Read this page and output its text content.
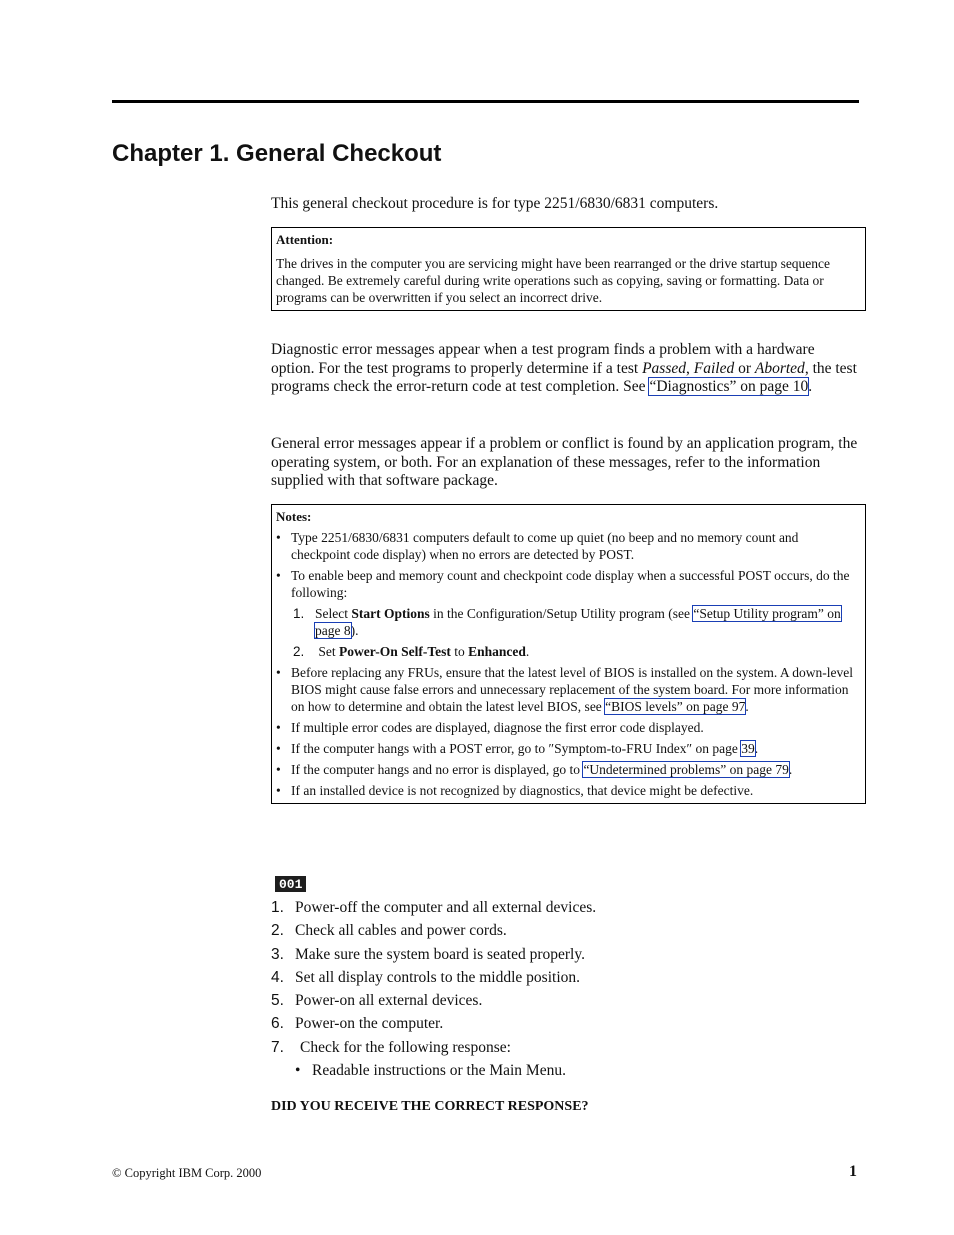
Chapter 1. General Checkout

This general checkout procedure is for type 2251/6830/6831 computers.

Attention:
The drives in the computer you are servicing might have been rearranged or the drive startup sequence changed. Be extremely careful during write operations such as copying, saving or formatting. Data or programs can be overwritten if you select an incorrect drive.

Diagnostic error messages appear when a test program finds a problem with a hardware option. For the test programs to properly determine if a test Passed, Failed or Aborted, the test programs check the error-return code at test completion. See “Diagnostics” on page 10.

General error messages appear if a problem or conflict is found by an application program, the operating system, or both. For an explanation of these messages, refer to the information supplied with that software package.

Notes:
• Type 2251/6830/6831 computers default to come up quiet (no beep and no memory count and checkpoint code display) when no errors are detected by POST.
• To enable beep and memory count and checkpoint code display when a successful POST occurs, do the following:
1. Select Start Options in the Configuration/Setup Utility program (see “Setup Utility program” on page 8).
2.	Set Power-On Self-Test to Enhanced.
• Before replacing any FRUs, ensure that the latest level of BIOS is installed on the system. A down-level BIOS might cause false errors and unnecessary replacement of the system board. For more information on how to determine and obtain the latest level BIOS, see “BIOS levels” on page 97.
• If multiple error codes are displayed, diagnose the first error code displayed.
• If the computer hangs with a POST error, go to ″Symptom-to-FRU Index″ on page 39.
• If the computer hangs and no error is displayed, go to “Undetermined problems” on page 79.
• If an installed device is not recognized by diagnostics, that device might be defective.
001
1. Power-off the computer and all external devices.
2. Check all cables and power cords.
3. Make sure the system board is seated properly.
4. Set all display controls to the middle position.
5. Power-on all external devices.
6. Power-on the computer.
7.	Check for the following response:
• Readable instructions or the Main Menu.
DID YOU RECEIVE THE CORRECT RESPONSE?
© Copyright IBM Corp. 2000	1
